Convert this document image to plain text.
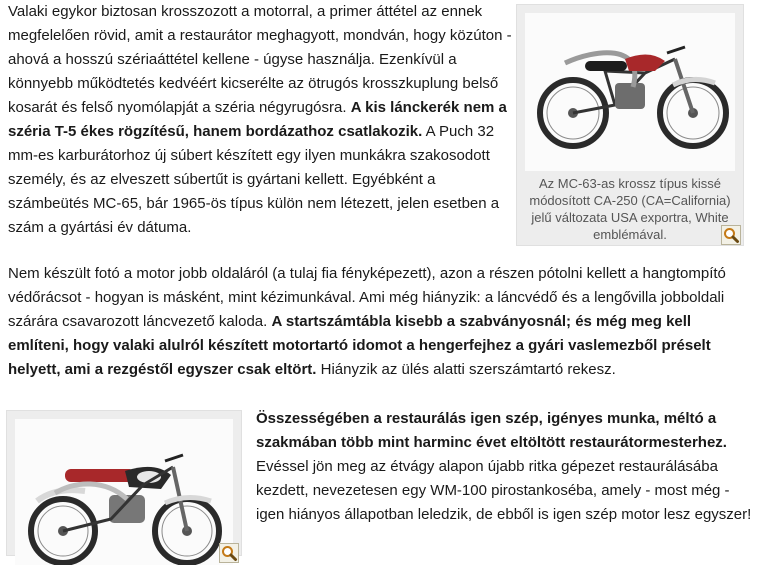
Valaki egykor biztosan krosszozott a motorral, a primer áttétel az ennek megfelelően rövid, amit a restaurátor meghagyott, mondván, hogy közúton - ahová a hosszú szériaáttétel kellene - úgyse használja. Ezenkívül a könnyebb működtetés kedvéért kicserélte az ötrugós krosszkuplung belső kosarát és felső nyomólapját a széria négyrugósra. A kis lánckerék nem a széria T-5 ékes rögzítésű, hanem bordázathoz csatlakozik. A Puch 32 mm-es karburátorhoz új súbert készített egy ilyen munkákra szakosodott személy, és az elveszett súbertűt is gyártani kellett. Egyébként a számbeütés MC-65, bár 1965-ös típus külön nem létezett, jelen esetben a szám a gyártási év dátuma.

Az MC-63-as krossz típus kissé módosított CA-250 (CA=California) jelű változata USA exportra, White emblémával.

Nem készült fotó a motor jobb oldaláról (a tulaj fia fényképezett), azon a részen pótolni kellett a hangtompító védőrácsot - hogyan is másként, mint kézimunkával. Ami még hiányzik: a láncvédő és a lengővilla jobboldali szárára csavarozott láncvezető kaloda. A startszámtábla kisebb a szabványosnál; és még meg kell említeni, hogy valaki alulról készített motortartó idomot a hengerfejhez a gyári vaslemezből préselt helyett, ami a rezgéstől egyszer csak eltört. Hiányzik az ülés alatti szerszámtartó rekesz.

Összességében a restaurálás igen szép, igényes munka, méltó a szakmában több mint harminc évet eltöltött restaurátormesterhez. Evéssel jön meg az étvágy alapon újabb ritka gépezet restaurálásába kezdett, nevezetesen egy WM-100 pirostankoséba, amely - most még - igen hiányos állapotban leledzik, de ebből is igen szép motor lesz egyszer!
